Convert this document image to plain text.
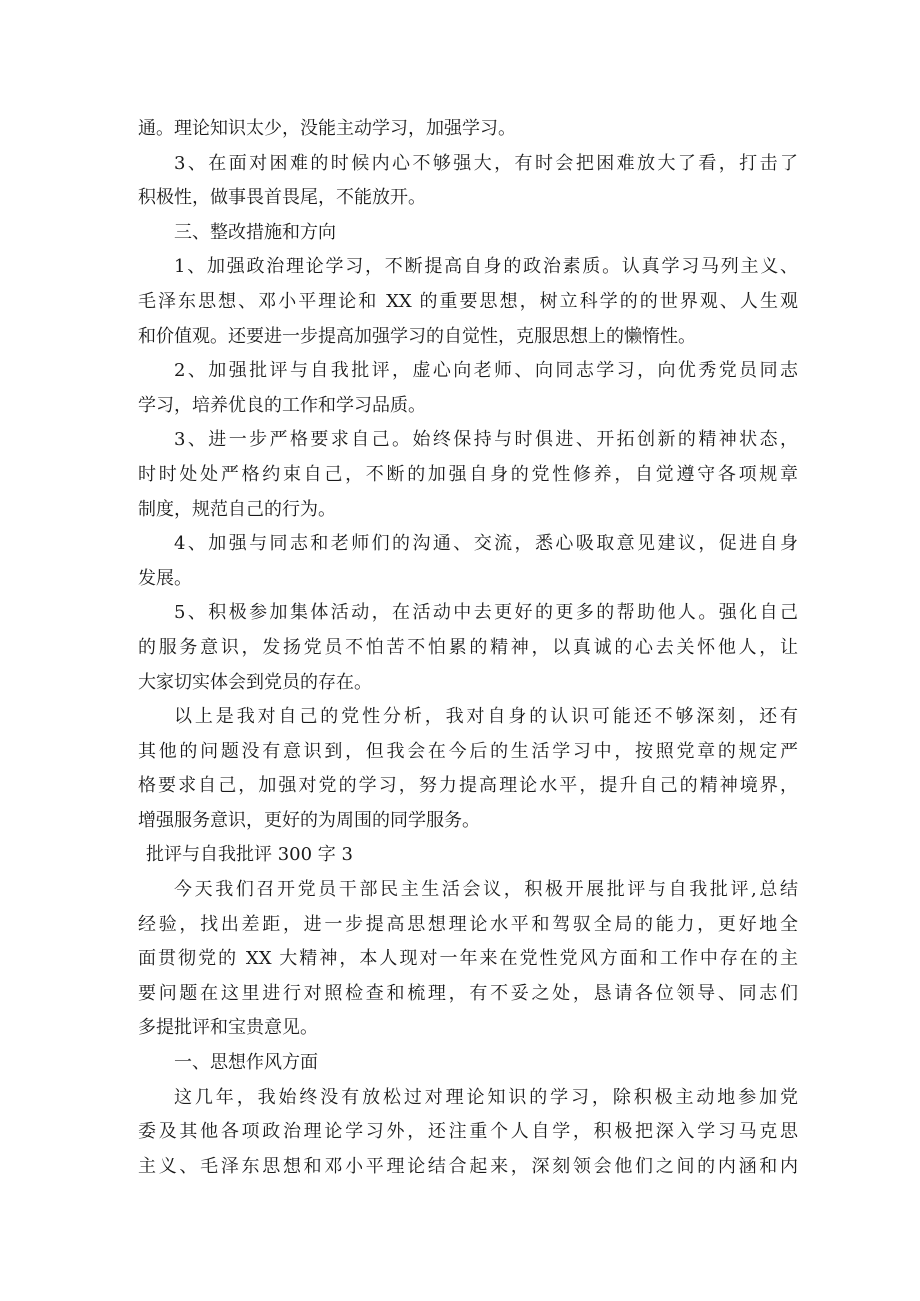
通。理论知识太少，没能主动学习，加强学习。

3、在面对困难的时候内心不够强大，有时会把困难放大了看，打击了

积极性，做事畏首畏尾，不能放开。

三、整改措施和方向

1、加强政治理论学习，不断提高自身的政治素质。认真学习马列主义、

毛泽东思想、邓小平理论和 XX 的重要思想，树立科学的的世界观、人生观

和价值观。还要进一步提高加强学习的自觉性，克服思想上的懒惰性。

2、加强批评与自我批评，虚心向老师、向同志学习，向优秀党员同志

学习，培养优良的工作和学习品质。

3、进一步严格要求自己。始终保持与时俱进、开拓创新的精神状态，

时时处处严格约束自己，不断的加强自身的党性修养，自觉遵守各项规章

制度，规范自己的行为。

4、加强与同志和老师们的沟通、交流，悉心吸取意见建议，促进自身

发展。

5、积极参加集体活动，在活动中去更好的更多的帮助他人。强化自己

的服务意识，发扬党员不怕苦不怕累的精神，以真诚的心去关怀他人，让

大家切实体会到党员的存在。

以上是我对自己的党性分析，我对自身的认识可能还不够深刻，还有

其他的问题没有意识到，但我会在今后的生活学习中，按照党章的规定严

格要求自己，加强对党的学习，努力提高理论水平，提升自己的精神境界，

增强服务意识，更好的为周围的同学服务。

批评与自我批评 300 字 3

今天我们召开党员干部民主生活会议，积极开展批评与自我批评,总结

经验，找出差距，进一步提高思想理论水平和驾驭全局的能力，更好地全

面贯彻党的 XX 大精神，本人现对一年来在党性党风方面和工作中存在的主

要问题在这里进行对照检查和梳理，有不妥之处，恳请各位领导、同志们

多提批评和宝贵意见。

一、思想作风方面

这几年，我始终没有放松过对理论知识的学习，除积极主动地参加党

委及其他各项政治理论学习外，还注重个人自学，积极把深入学习马克思

主义、毛泽东思想和邓小平理论结合起来，深刻领会他们之间的内涵和内
